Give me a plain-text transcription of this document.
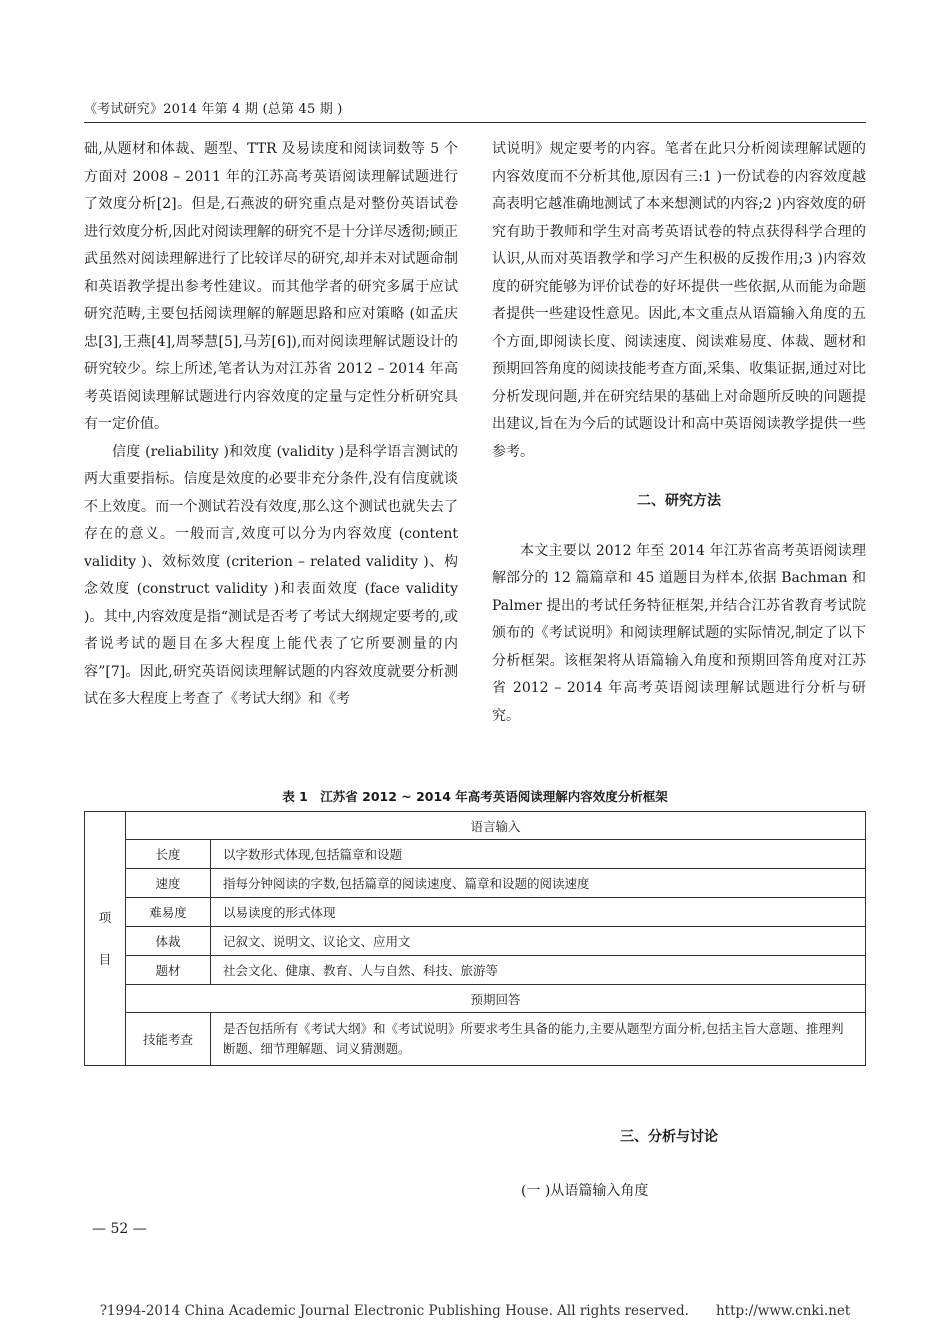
《考试研究》2014 年第 4 期 (总第 45 期 )

础,从题材和体裁、题型、TTR 及易读度和阅读词数等 5 个方面对 2008 – 2011 年的江苏高考英语阅读理解试题进行了效度分析[2]。但是,石燕波的研究重点是对整份英语试卷进行效度分析,因此对阅读理解的研究不是十分详尽透彻;顾正武虽然对阅读理解进行了比较详尽的研究,却并未对试题命制和英语教学提出参考性建议。而其他学者的研究多属于应试研究范畴,主要包括阅读理解的解题思路和应对策略 (如孟庆忠[3],王燕[4],周琴慧[5],马芳[6]),而对阅读理解试题设计的研究较少。综上所述,笔者认为对江苏省 2012 – 2014 年高考英语阅读理解试题进行内容效度的定量与定性分析研究具有一定价值。

信度 (reliability )和效度 (validity )是科学语言测试的两大重要指标。信度是效度的必要非充分条件,没有信度就谈不上效度。而一个测试若没有效度,那么这个测试也就失去了存在的意义。一般而言,效度可以分为内容效度 (content validity )、效标效度 (criterion – related validity )、构念效度 (construct validity )和表面效度 (face validity )。其中,内容效度是指“测试是否考了考试大纲规定要考的,或者说考试的题目在多大程度上能代表了它所要测量的内容”[7]。因此,研究英语阅读理解试题的内容效度就要分析测试在多大程度上考查了《考试大纲》和《考

试说明》规定要考的内容。笔者在此只分析阅读理解试题的内容效度而不分析其他,原因有三:1 )一份试卷的内容效度越高表明它越准确地测试了本来想测试的内容;2 )内容效度的研究有助于教师和学生对高考英语试卷的特点获得科学合理的认识,从而对英语教学和学习产生积极的反拨作用;3 )内容效度的研究能够为评价试卷的好坏提供一些依据,从而能为命题者提供一些建设性意见。因此,本文重点从语篇输入角度的五个方面,即阅读长度、阅读速度、阅读难易度、体裁、题材和预期回答角度的阅读技能考查方面,采集、收集证据,通过对比分析发现问题,并在研究结果的基础上对命题所反映的问题提出建议,旨在为今后的试题设计和高中英语阅读教学提供一些参考。

二、研究方法

本文主要以 2012 年至 2014 年江苏省高考英语阅读理解部分的 12 篇篇章和 45 道题目为样本,依据 Bachman 和 Palmer 提出的考试任务特征框架,并结合江苏省教育考试院颁布的《考试说明》和阅读理解试题的实际情况,制定了以下分析框架。该框架将从语篇输入角度和预期回答角度对江苏省 2012 – 2014 年高考英语阅读理解试题进行分析与研究。

表 1　江苏省 2012 ~ 2014 年高考英语阅读理解内容效度分析框架
项
目	语言输入	
	长度	以字数形式体现,包括篇章和设题
	速度	指每分钟阅读的字数,包括篇章的阅读速度、篇章和设题的阅读速度
	难易度	以易读度的形式体现
	体裁	记叙文、说明文、议论文、应用文
	题材	社会文化、健康、教育、人与自然、科技、旅游等
	预期回答	
	技能考查	是否包括所有《考试大纲》和《考试说明》所要求考生具备的能力,主要从题型方面分析,包括主旨大意题、推理判断题、细节理解题、词义猜测题。
三、分析与讨论
(一 )从语篇输入角度
— 52 —
?1994-2014 China Academic Journal Electronic Publishing House. All rights reserved.　　http://www.cnki.net
